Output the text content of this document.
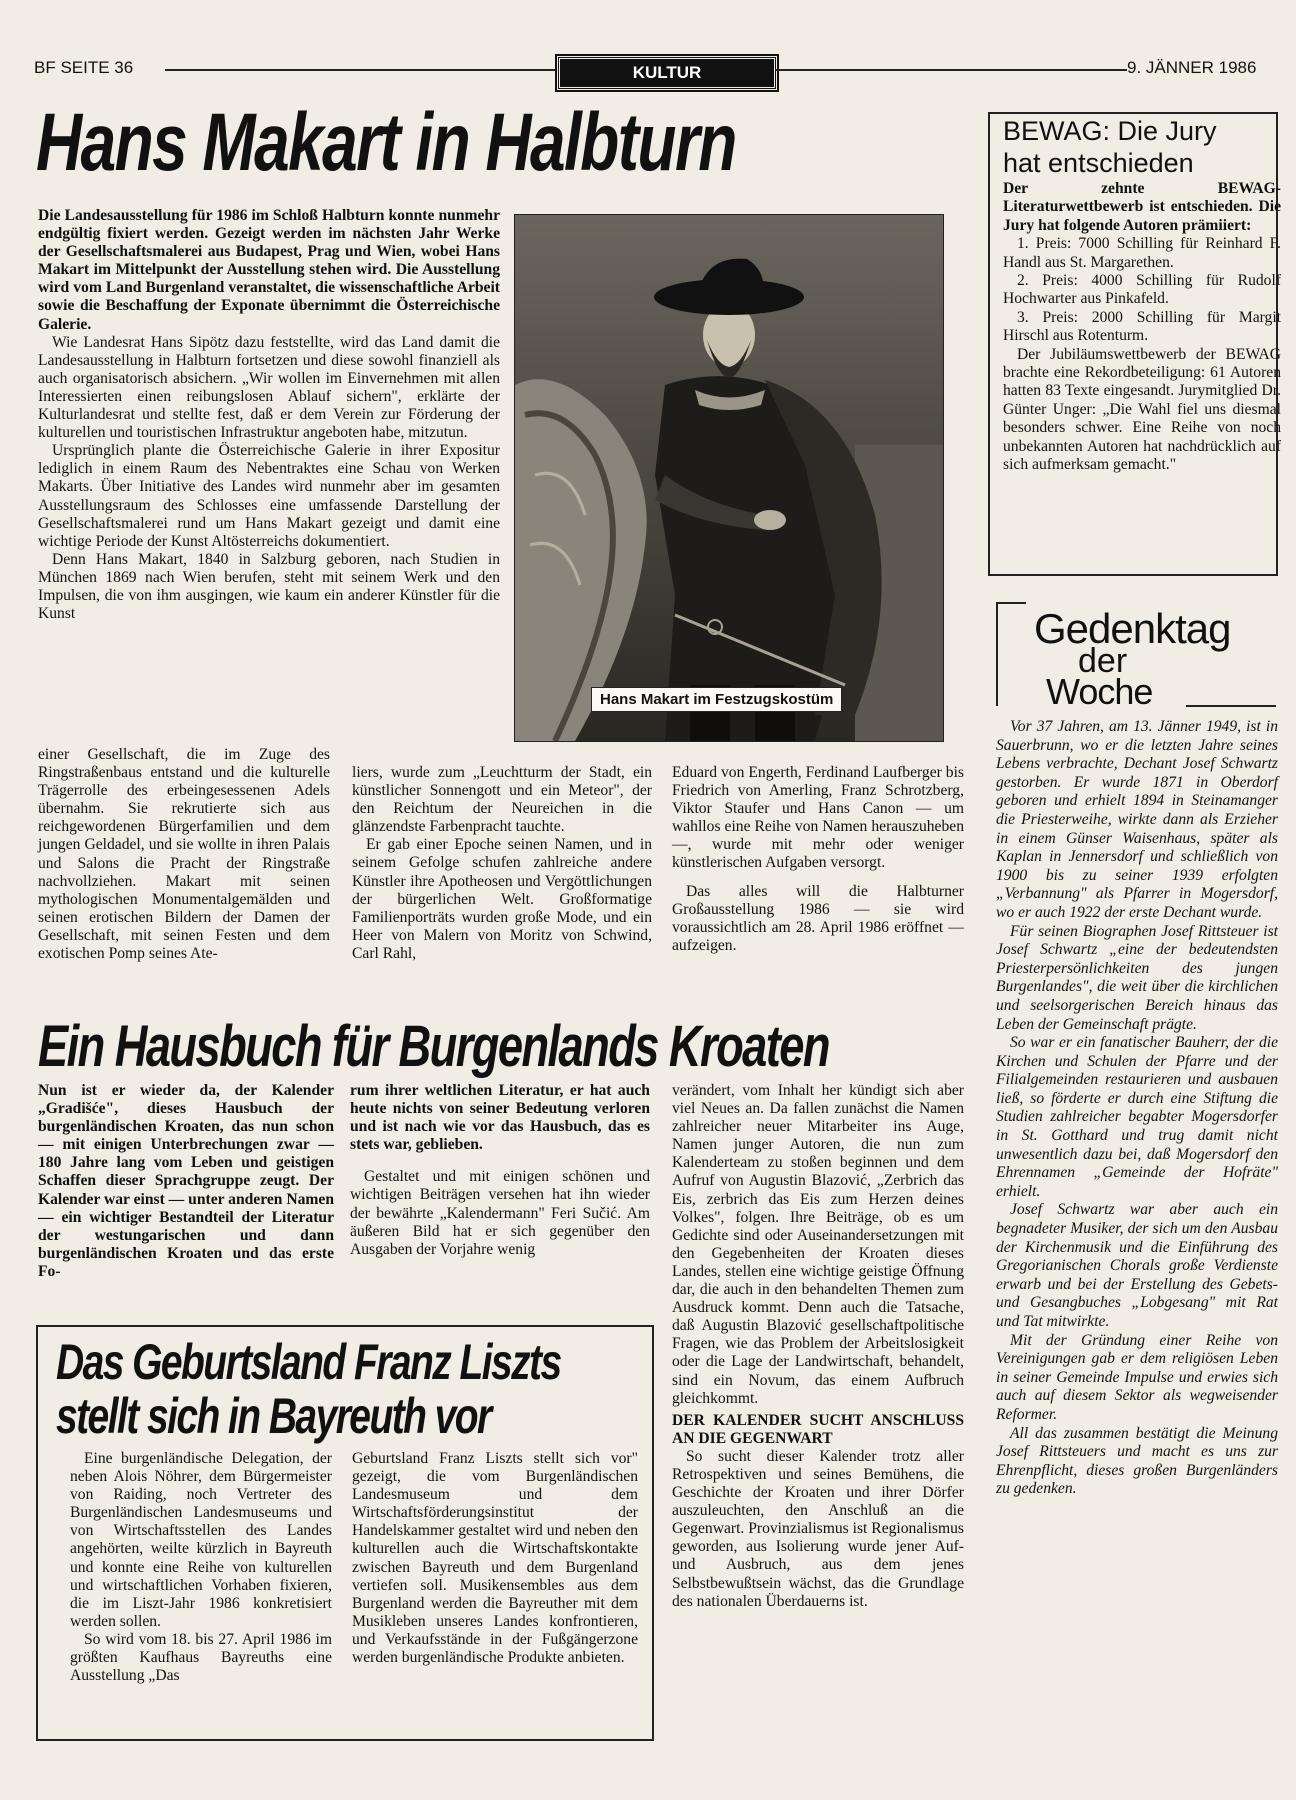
BF SEITE 36	KULTUR	9. JÄNNER 1986
Hans Makart in Halbturn

Die Landesausstellung für 1986 im Schloß Halbturn konnte nunmehr endgültig fixiert werden. Gezeigt werden im nächsten Jahr Werke der Gesellschaftsmalerei aus Budapest, Prag und Wien, wobei Hans Makart im Mittelpunkt der Ausstellung stehen wird. Die Ausstellung wird vom Land Burgenland veranstaltet, die wissenschaftliche Arbeit sowie die Beschaffung der Exponate übernimmt die Österreichische Galerie.

Wie Landesrat Hans Sipötz dazu feststellte, wird das Land damit die Landesausstellung in Halbturn fortsetzen und diese sowohl finanziell als auch organisatorisch absichern. „Wir wollen im Einvernehmen mit allen Interessierten einen reibungslosen Ablauf sichern", erklärte der Kulturlandesrat und stellte fest, daß er dem Verein zur Förderung der kulturellen und touristischen Infrastruktur angeboten habe, mitzutun.

Ursprünglich plante die Österreichische Galerie in ihrer Expositur lediglich in einem Raum des Nebentraktes eine Schau von Werken Makarts. Über Initiative des Landes wird nunmehr aber im gesamten Ausstellungsraum des Schlosses eine umfassende Darstellung der Gesellschaftsmalerei rund um Hans Makart gezeigt und damit eine wichtige Periode der Kunst Altösterreichs dokumentiert.

Denn Hans Makart, 1840 in Salzburg geboren, nach Studien in München 1869 nach Wien berufen, steht mit seinem Werk und den Impulsen, die von ihm ausgingen, wie kaum ein anderer Künstler für die Kunst

Hans Makart im Festzugskostüm

einer Gesellschaft, die im Zuge des Ringstraßenbaus entstand und die kulturelle Trägerrolle des erbeingesessenen Adels übernahm. Sie rekrutierte sich aus reichgewordenen Bürgerfamilien und dem jungen Geldadel, und sie wollte in ihren Palais und Salons die Pracht der Ringstraße nachvollziehen. Makart mit seinen mythologischen Monumentalgemälden und seinen erotischen Bildern der Damen der Gesellschaft, mit seinen Festen und dem exotischen Pomp seines Ate-

liers, wurde zum „Leuchtturm der Stadt, ein künstlicher Sonnengott und ein Meteor", der den Reichtum der Neureichen in die glänzendste Farbenpracht tauchte.

Er gab einer Epoche seinen Namen, und in seinem Gefolge schufen zahlreiche andere Künstler ihre Apotheosen und Vergöttlichungen der bürgerlichen Welt. Großformatige Familienporträts wurden große Mode, und ein Heer von Malern von Moritz von Schwind, Carl Rahl,

Eduard von Engerth, Ferdinand Laufberger bis Friedrich von Amerling, Franz Schrotzberg, Viktor Staufer und Hans Canon — um wahllos eine Reihe von Namen herauszuheben —, wurde mit mehr oder weniger künstlerischen Aufgaben versorgt.

Das alles will die Halbturner Großausstellung 1986 — sie wird voraussichtlich am 28. April 1986 eröffnet — aufzeigen.

BEWAG: Die Jury
hat entschieden

Der zehnte BEWAG-Literaturwettbewerb ist entschieden. Die Jury hat folgende Autoren prämiiert:

1. Preis: 7000 Schilling für Reinhard F. Handl aus St. Margarethen.

2. Preis: 4000 Schilling für Rudolf Hochwarter aus Pinkafeld.

3. Preis: 2000 Schilling für Margit Hirschl aus Rotenturm.

Der Jubiläumswettbewerb der BEWAG brachte eine Rekordbeteiligung: 61 Autoren hatten 83 Texte eingesandt. Jurymitglied Dr. Günter Unger: „Die Wahl fiel uns diesmal besonders schwer. Eine Reihe von noch unbekannten Autoren hat nachdrücklich auf sich aufmerksam gemacht."

Gedenktag
der
Woche

Vor 37 Jahren, am 13. Jänner 1949, ist in Sauerbrunn, wo er die letzten Jahre seines Lebens verbrachte, Dechant Josef Schwartz gestorben. Er wurde 1871 in Oberdorf geboren und erhielt 1894 in Steinamanger die Priesterweihe, wirkte dann als Erzieher in einem Günser Waisenhaus, später als Kaplan in Jennersdorf und schließlich von 1900 bis zu seiner 1939 erfolgten „Verbannung" als Pfarrer in Mogersdorf, wo er auch 1922 der erste Dechant wurde.

Für seinen Biographen Josef Rittsteuer ist Josef Schwartz „eine der bedeutendsten Priesterpersönlichkeiten des jungen Burgenlandes", die weit über die kirchlichen und seelsorgerischen Bereich hinaus das Leben der Gemeinschaft prägte.

So war er ein fanatischer Bauherr, der die Kirchen und Schulen der Pfarre und der Filialgemeinden restaurieren und ausbauen ließ, so förderte er durch eine Stiftung die Studien zahlreicher begabter Mogersdorfer in St. Gotthard und trug damit nicht unwesentlich dazu bei, daß Mogersdorf den Ehrennamen „Gemeinde der Hofräte" erhielt.

Josef Schwartz war aber auch ein begnadeter Musiker, der sich um den Ausbau der Kirchenmusik und die Einführung des Gregorianischen Chorals große Verdienste erwarb und bei der Erstellung des Gebets- und Gesangbuches „Lobgesang" mit Rat und Tat mitwirkte.

Mit der Gründung einer Reihe von Vereinigungen gab er dem religiösen Leben in seiner Gemeinde Impulse und erwies sich auch auf diesem Sektor als wegweisender Reformer.

All das zusammen bestätigt die Meinung Josef Rittsteuers und macht es uns zur Ehrenpflicht, dieses großen Burgenländers zu gedenken.

Ein Hausbuch für Burgenlands Kroaten

Nun ist er wieder da, der Kalender „Gradišće", dieses Hausbuch der burgenländischen Kroaten, das nun schon — mit einigen Unterbrechungen zwar — 180 Jahre lang vom Leben und geistigen Schaffen dieser Sprachgruppe zeugt. Der Kalender war einst — unter anderen Namen — ein wichtiger Bestandteil der Literatur der westungarischen und dann burgenländischen Kroaten und das erste Fo-

rum ihrer weltlichen Literatur, er hat auch heute nichts von seiner Bedeutung verloren und ist nach wie vor das Hausbuch, das es stets war, geblieben.

Gestaltet und mit einigen schönen und wichtigen Beiträgen versehen hat ihn wieder der bewährte „Kalendermann" Feri Sučić. Am äußeren Bild hat er sich gegenüber den Ausgaben der Vorjahre wenig

verändert, vom Inhalt her kündigt sich aber viel Neues an. Da fallen zunächst die Namen zahlreicher neuer Mitarbeiter ins Auge, Namen junger Autoren, die nun zum Kalenderteam zu stoßen beginnen und dem Aufruf von Augustin Blazović, „Zerbrich das Eis, zerbrich das Eis zum Herzen deines Volkes", folgen. Ihre Beiträge, ob es um Gedichte sind oder Auseinandersetzungen mit den Gegebenheiten der Kroaten dieses Landes, stellen eine wichtige geistige Öffnung dar, die auch in den behandelten Themen zum Ausdruck kommt. Denn auch die Tatsache, daß Augustin Blazović gesellschaftpolitische Fragen, wie das Problem der Arbeitslosigkeit oder die Lage der Landwirtschaft, behandelt, sind ein Novum, das einem Aufbruch gleichkommt.

DER KALENDER SUCHT ANSCHLUSS AN DIE GEGENWART

So sucht dieser Kalender trotz aller Retrospektiven und seines Bemühens, die Geschichte der Kroaten und ihrer Dörfer auszuleuchten, den Anschluß an die Gegenwart. Provinzialismus ist Regionalismus geworden, aus Isolierung wurde jener Auf- und Ausbruch, aus dem jenes Selbstbewußtsein wächst, das die Grundlage des nationalen Überdauerns ist.

Das Geburtsland Franz Liszts
stellt sich in Bayreuth vor

Eine burgenländische Delegation, der neben Alois Nöhrer, dem Bürgermeister von Raiding, noch Vertreter des Burgenländischen Landesmuseums und von Wirtschaftsstellen des Landes angehörten, weilte kürzlich in Bayreuth und konnte eine Reihe von kulturellen und wirtschaftlichen Vorhaben fixieren, die im Liszt-Jahr 1986 konkretisiert werden sollen.

So wird vom 18. bis 27. April 1986 im größten Kaufhaus Bayreuths eine Ausstellung „Das

Geburtsland Franz Liszts stellt sich vor" gezeigt, die vom Burgenländischen Landesmuseum und dem Wirtschaftsförderungsinstitut der Handelskammer gestaltet wird und neben den kulturellen auch die Wirtschaftskontakte zwischen Bayreuth und dem Burgenland vertiefen soll. Musikensembles aus dem Burgenland werden die Bayreuther mit dem Musikleben unseres Landes konfrontieren, und Verkaufsstände in der Fußgängerzone werden burgenländische Produkte anbieten.
